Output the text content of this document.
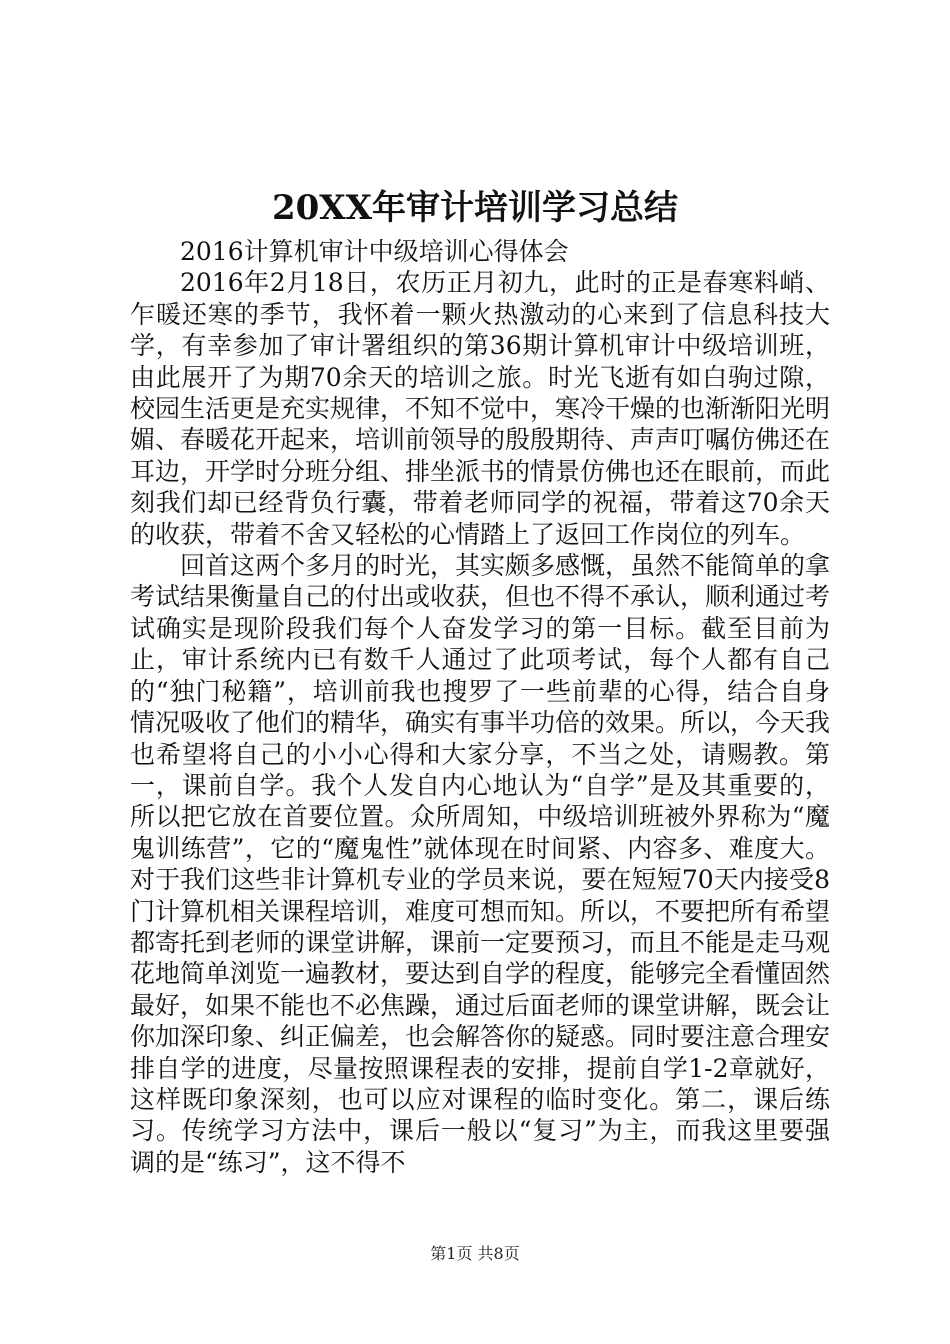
20XX年审计培训学习总结

2016计算机审计中级培训心得体会

2016年2月18日，农历正月初九，此时的正是春寒料峭、乍暖还寒的季节，我怀着一颗火热激动的心来到了信息科技大学，有幸参加了审计署组织的第36期计算机审计中级培训班，由此展开了为期70余天的培训之旅。时光飞逝有如白驹过隙，校园生活更是充实规律，不知不觉中，寒冷干燥的也渐渐阳光明媚、春暖花开起来，培训前领导的殷殷期待、声声叮嘱仿佛还在耳边，开学时分班分组、排坐派书的情景仿佛也还在眼前，而此刻我们却已经背负行囊，带着老师同学的祝福，带着这70余天的收获，带着不舍又轻松的心情踏上了返回工作岗位的列车。

回首这两个多月的时光，其实颇多感慨，虽然不能简单的拿考试结果衡量自己的付出或收获，但也不得不承认，顺利通过考试确实是现阶段我们每个人奋发学习的第一目标。截至目前为止，审计系统内已有数千人通过了此项考试，每个人都有自己的“独门秘籍”，培训前我也搜罗了一些前辈的心得，结合自身情况吸收了他们的精华，确实有事半功倍的效果。所以，今天我也希望将自己的小小心得和大家分享，不当之处，请赐教。第一，课前自学。我个人发自内心地认为“自学”是及其重要的，所以把它放在首要位置。众所周知，中级培训班被外界称为“魔鬼训练营”，它的“魔鬼性”就体现在时间紧、内容多、难度大。对于我们这些非计算机专业的学员来说，要在短短70天内接受8门计算机相关课程培训，难度可想而知。所以，不要把所有希望都寄托到老师的课堂讲解，课前一定要预习，而且不能是走马观花地简单浏览一遍教材，要达到自学的程度，能够完全看懂固然最好，如果不能也不必焦躁，通过后面老师的课堂讲解，既会让你加深印象、纠正偏差，也会解答你的疑惑。同时要注意合理安排自学的进度，尽量按照课程表的安排，提前自学1-2章就好，这样既印象深刻，也可以应对课程的临时变化。第二，课后练习。传统学习方法中，课后一般以“复习”为主，而我这里要强调的是“练习”，这不得不

第1页 共8页
